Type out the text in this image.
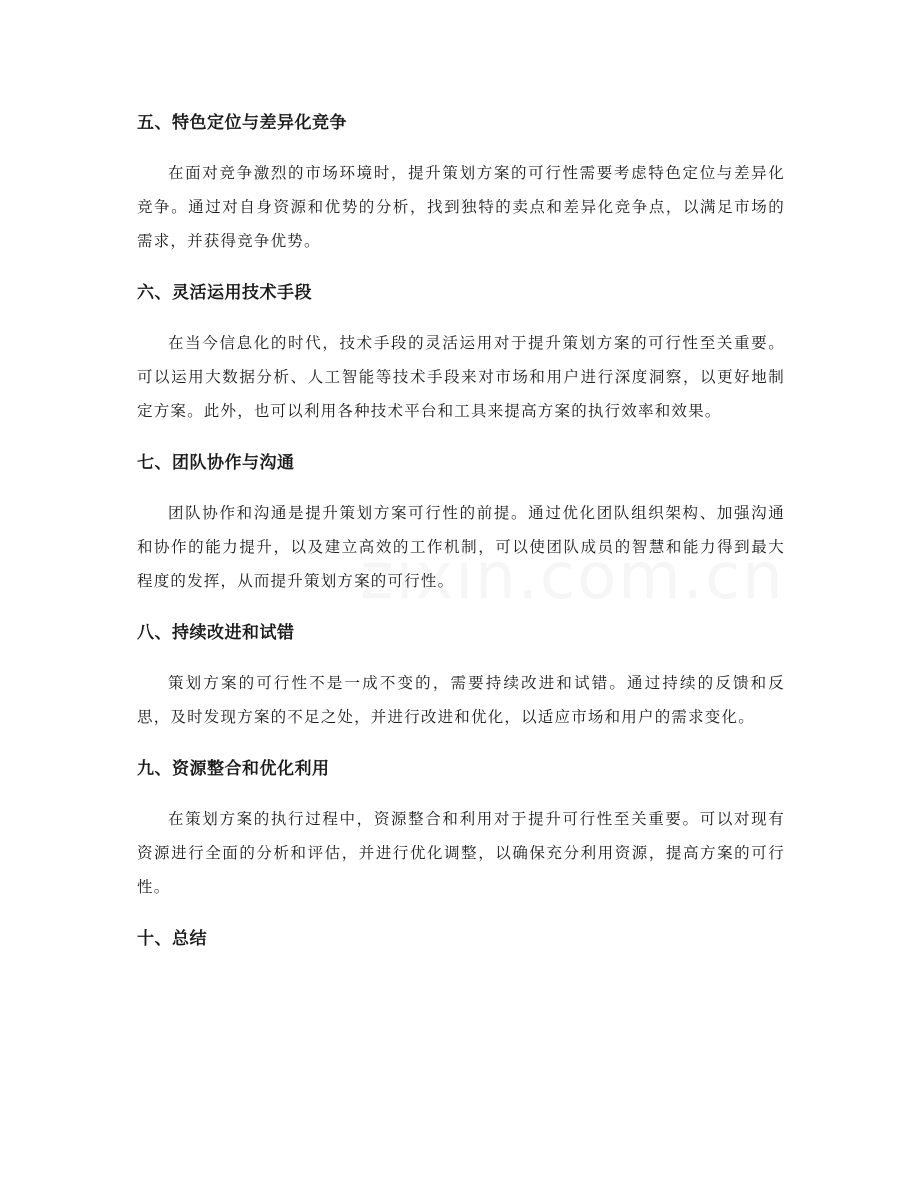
五、特色定位与差异化竞争
在面对竞争激烈的市场环境时，提升策划方案的可行性需要考虑特色定位与差异化竞争。通过对自身资源和优势的分析，找到独特的卖点和差异化竞争点，以满足市场的需求，并获得竞争优势。
六、灵活运用技术手段
在当今信息化的时代，技术手段的灵活运用对于提升策划方案的可行性至关重要。可以运用大数据分析、人工智能等技术手段来对市场和用户进行深度洞察，以更好地制定方案。此外，也可以利用各种技术平台和工具来提高方案的执行效率和效果。
七、团队协作与沟通
团队协作和沟通是提升策划方案可行性的前提。通过优化团队组织架构、加强沟通和协作的能力提升，以及建立高效的工作机制，可以使团队成员的智慧和能力得到最大程度的发挥，从而提升策划方案的可行性。
八、持续改进和试错
策划方案的可行性不是一成不变的，需要持续改进和试错。通过持续的反馈和反思，及时发现方案的不足之处，并进行改进和优化，以适应市场和用户的需求变化。
九、资源整合和优化利用
在策划方案的执行过程中，资源整合和利用对于提升可行性至关重要。可以对现有资源进行全面的分析和评估，并进行优化调整，以确保充分利用资源，提高方案的可行性。
十、总结
